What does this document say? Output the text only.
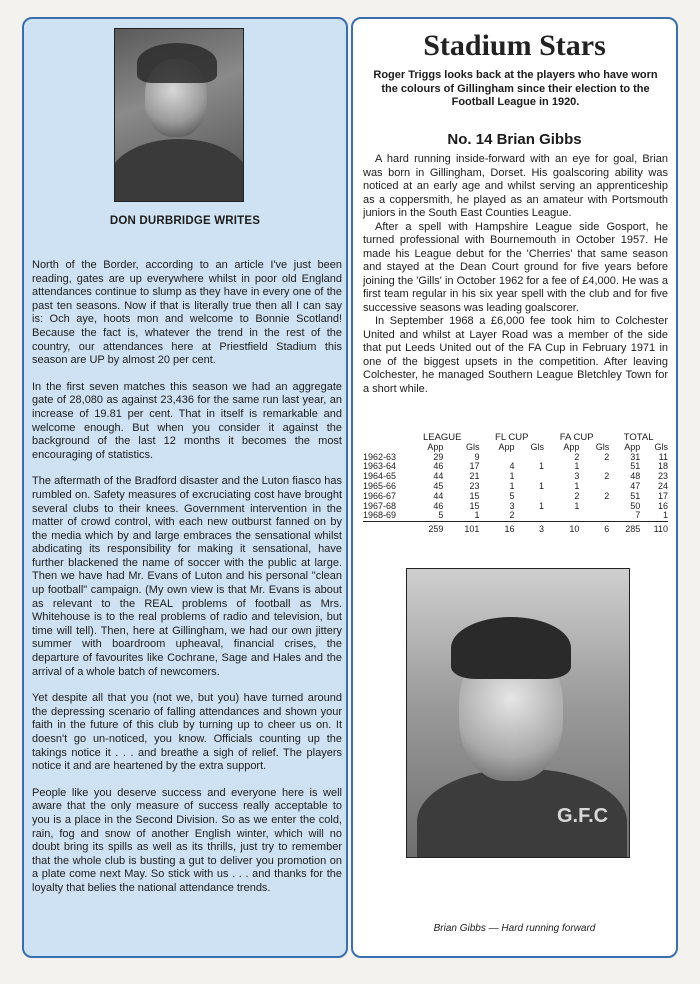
DON DURBRIDGE WRITES

North of the Border, according to an article I've just been reading, gates are up everywhere whilst in poor old England attendances continue to slump as they have in every one of the past ten seasons. Now if that is literally true then all I can say is: Och aye, hoots mon and welcome to Bonnie Scotland! Because the fact is, whatever the trend in the rest of the country, our attendances here at Priestfield Stadium this season are UP by almost 20 per cent.

In the first seven matches this season we had an aggregate gate of 28,080 as against 23,436 for the same run last year, an increase of 19.81 per cent. That in itself is remarkable and welcome enough. But when you consider it against the background of the last 12 months it becomes the most encouraging of statistics.

The aftermath of the Bradford disaster and the Luton fiasco has rumbled on. Safety measures of excruciating cost have brought several clubs to their knees. Government intervention in the matter of crowd control, with each new outburst fanned on by the media which by and large embraces the sensational whilst abdicating its responsibility for making it sensational, have further blackened the name of soccer with the public at large. Then we have had Mr. Evans of Luton and his personal "clean up football" campaign. (My own view is that Mr. Evans is about as relevant to the REAL problems of football as Mrs. Whitehouse is to the real problems of radio and television, but time will tell). Then, here at Gillingham, we had our own jittery summer with boardroom upheaval, financial crises, the departure of favourites like Cochrane, Sage and Hales and the arrival of a whole batch of newcomers.

Yet despite all that you (not we, but you) have turned around the depressing scenario of falling attendances and shown your faith in the future of this club by turning up to cheer us on. It doesn't go un-noticed, you know. Officials counting up the takings notice it . . . and breathe a sigh of relief. The players notice it and are heartened by the extra support.

People like you deserve success and everyone here is well aware that the only measure of success really acceptable to you is a place in the Second Division. So as we enter the cold, rain, fog and snow of another English winter, which will no doubt bring its spills as well as its thrills, just try to remember that the whole club is busting a gut to deliver you promotion on a plate come next May. So stick with us . . . and thanks for the loyalty that belies the national attendance trends.

Stadium Stars
Roger Triggs looks back at the players who have worn the colours of Gillingham since their election to the Football League in 1920.
No. 14 Brian Gibbs

A hard running inside-forward with an eye for goal, Brian was born in Gillingham, Dorset. His goalscoring ability was noticed at an early age and whilst serving an apprenticeship as a coppersmith, he played as an amateur with Portsmouth juniors in the South East Counties League.

After a spell with Hampshire League side Gosport, he turned professional with Bournemouth in October 1957. He made his League debut for the 'Cherries' that same season and stayed at the Dean Court ground for five years before joining the 'Gills' in October 1962 for a fee of £4,000. He was a first team regular in his six year spell with the club and for five successive seasons was leading goalscorer.

In September 1968 a £6,000 fee took him to Colchester United and whilst at Layer Road was a member of the side that put Leeds United out of the FA Cup in February 1971 in one of the biggest upsets in the competition. After leaving Colchester, he managed Southern League Bletchley Town for a short while.

	LEAGUE		FL CUP		FA CUP		TOTAL	
	App	Gls	App	Gls	App	Gls	App	Gls
1962-63	29	9			2	2	31	11
1963-64	46	17	4	1	1		51	18
1964-65	44	21	1		3	2	48	23
1965-66	45	23	1	1	1		47	24
1966-67	44	15	5		2	2	51	17
1967-68	46	15	3	1	1		50	16
1968-69	5	1	2				7	1
	259	101	16	3	10	6	285	110
G.F.C
Brian Gibbs — Hard running forward
